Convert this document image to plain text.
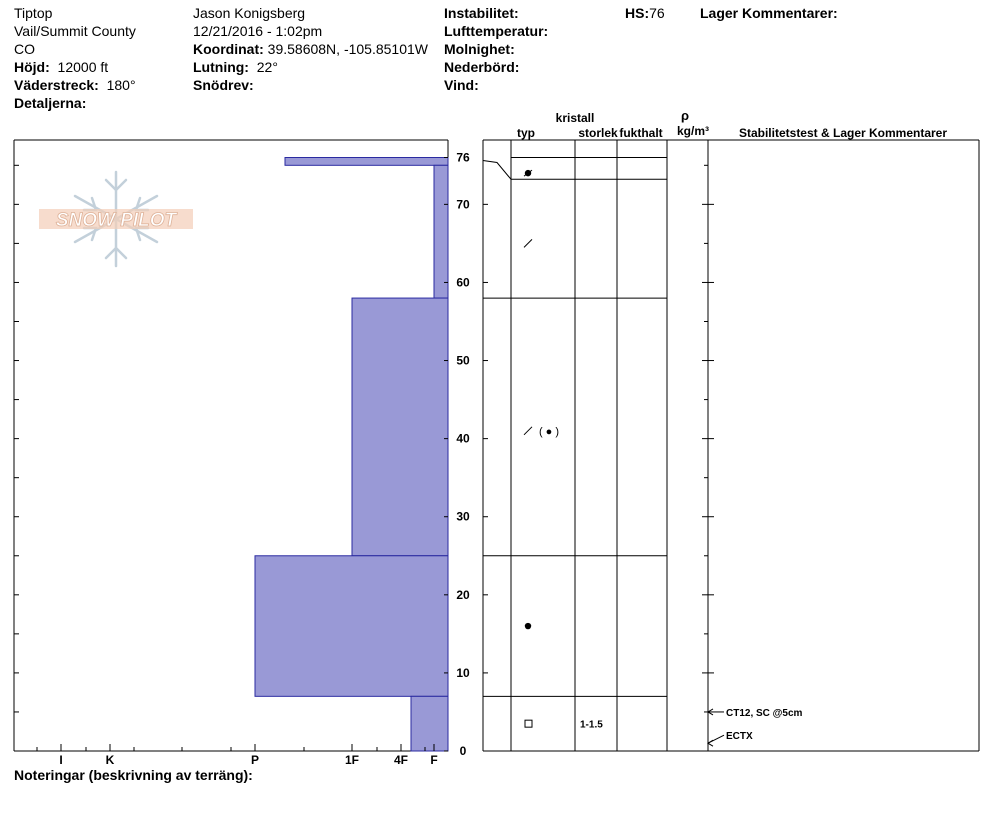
Tiptop
Vail/Summit County
CO
Höjd: 12000 ft
Väderstreck: 180°
Detaljerna:
Jason Konigsberg
12/21/2016 - 1:02pm
Koordinat: 39.58608N, -105.85101W
Lutning: 22°
Snödrev:
Instabilitet:
Lufttemperatur:
Molnighet:
Nederbörd:
Vind:
HS:76	Lager Kommentarer:
Noteringar (beskrivning av terräng):
SNOW PILOT
I	K	P	1F	4F F
0
10
20
30
40
50
60
70
76
( ● )
1-1.5
CT12, SC @5cm
ECTX
kristall
typ	storlek fukthalt
ρ
kg/m³ Stabilitetstest & Lager Kommentarer
